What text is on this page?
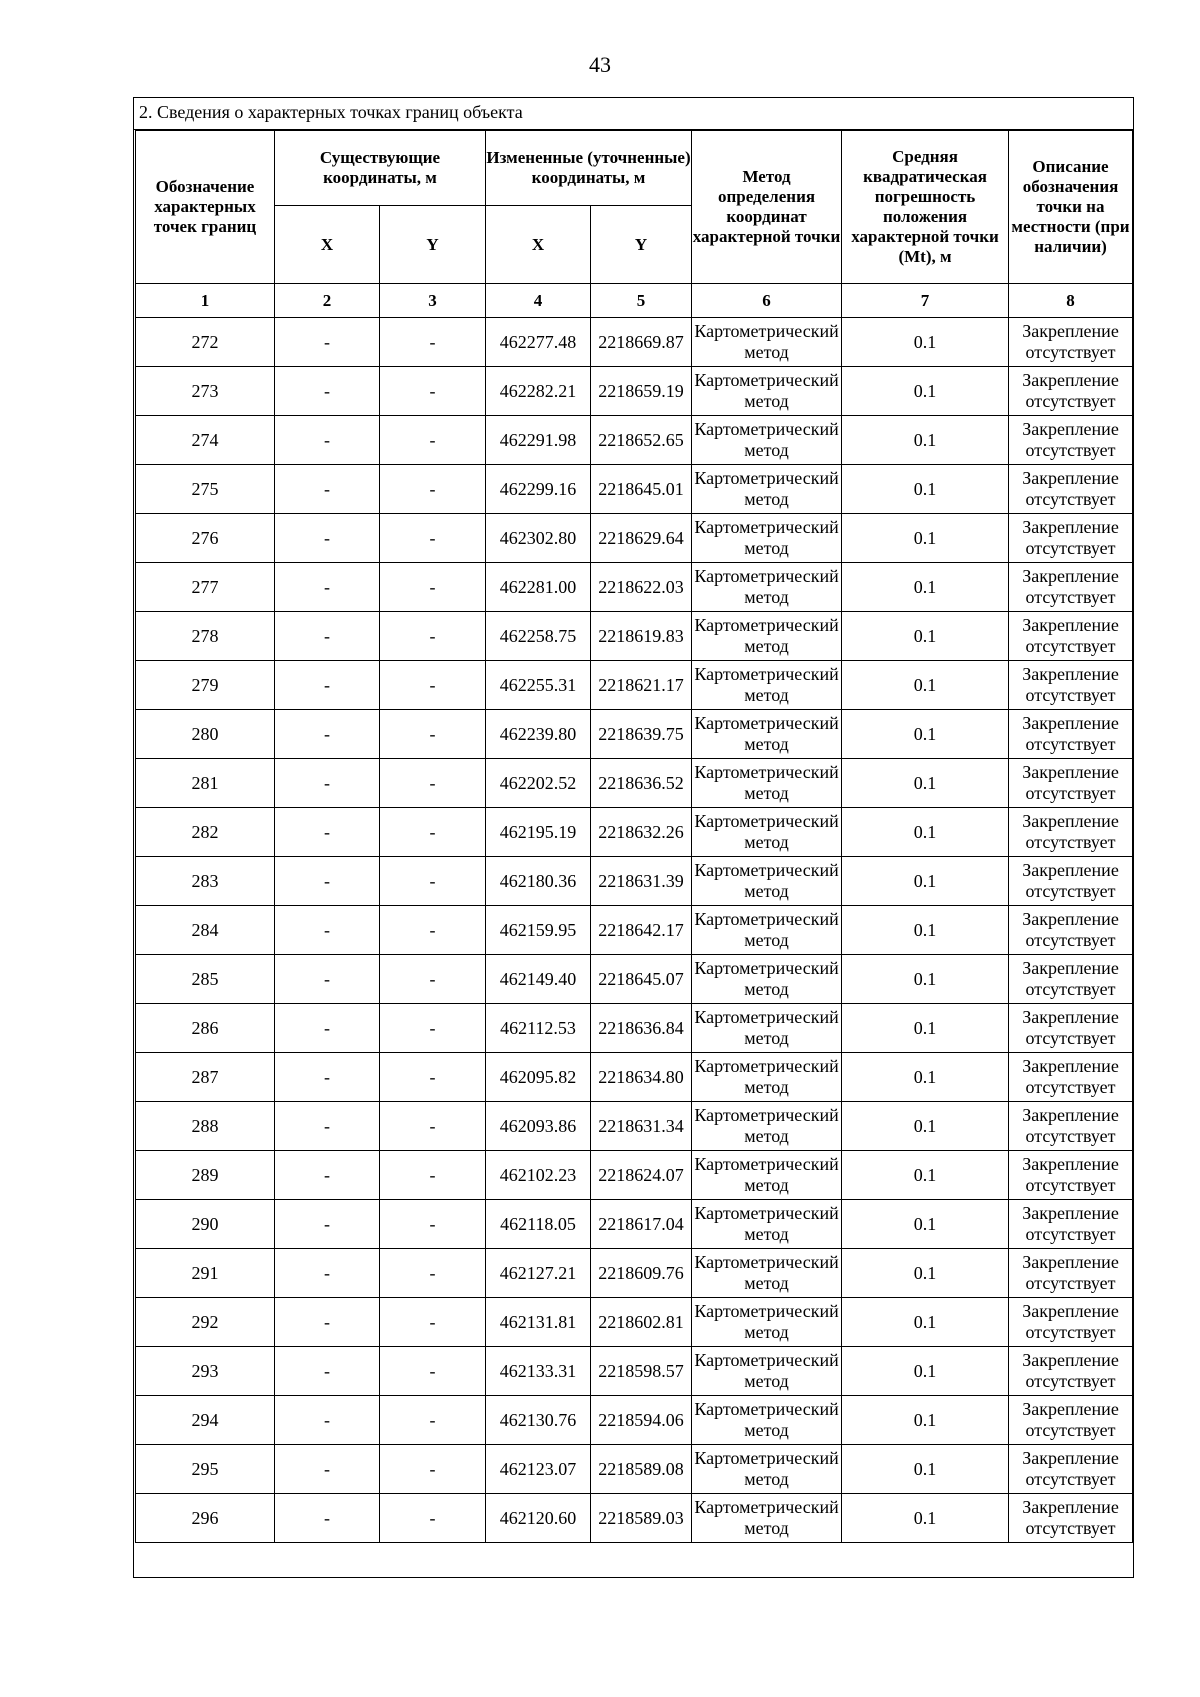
43
2. Сведения о характерных точках границ объекта
Обозначение характерных точек границ	Существующие координаты, м		Измененные (уточненные) координаты, м		Метод определения координат характерной точки	Средняя квадратическая погрешность положения характерной точки (Mt), м	Описание обозначения точки на местности (при наличии)
	X	Y	X	Y			
1	2	3	4	5	6	7	8
272	-	-	462277.48	2218669.87	Картометрический метод	0.1	Закрепление отсутствует
273	-	-	462282.21	2218659.19	Картометрический метод	0.1	Закрепление отсутствует
274	-	-	462291.98	2218652.65	Картометрический метод	0.1	Закрепление отсутствует
275	-	-	462299.16	2218645.01	Картометрический метод	0.1	Закрепление отсутствует
276	-	-	462302.80	2218629.64	Картометрический метод	0.1	Закрепление отсутствует
277	-	-	462281.00	2218622.03	Картометрический метод	0.1	Закрепление отсутствует
278	-	-	462258.75	2218619.83	Картометрический метод	0.1	Закрепление отсутствует
279	-	-	462255.31	2218621.17	Картометрический метод	0.1	Закрепление отсутствует
280	-	-	462239.80	2218639.75	Картометрический метод	0.1	Закрепление отсутствует
281	-	-	462202.52	2218636.52	Картометрический метод	0.1	Закрепление отсутствует
282	-	-	462195.19	2218632.26	Картометрический метод	0.1	Закрепление отсутствует
283	-	-	462180.36	2218631.39	Картометрический метод	0.1	Закрепление отсутствует
284	-	-	462159.95	2218642.17	Картометрический метод	0.1	Закрепление отсутствует
285	-	-	462149.40	2218645.07	Картометрический метод	0.1	Закрепление отсутствует
286	-	-	462112.53	2218636.84	Картометрический метод	0.1	Закрепление отсутствует
287	-	-	462095.82	2218634.80	Картометрический метод	0.1	Закрепление отсутствует
288	-	-	462093.86	2218631.34	Картометрический метод	0.1	Закрепление отсутствует
289	-	-	462102.23	2218624.07	Картометрический метод	0.1	Закрепление отсутствует
290	-	-	462118.05	2218617.04	Картометрический метод	0.1	Закрепление отсутствует
291	-	-	462127.21	2218609.76	Картометрический метод	0.1	Закрепление отсутствует
292	-	-	462131.81	2218602.81	Картометрический метод	0.1	Закрепление отсутствует
293	-	-	462133.31	2218598.57	Картометрический метод	0.1	Закрепление отсутствует
294	-	-	462130.76	2218594.06	Картометрический метод	0.1	Закрепление отсутствует
295	-	-	462123.07	2218589.08	Картометрический метод	0.1	Закрепление отсутствует
296	-	-	462120.60	2218589.03	Картометрический метод	0.1	Закрепление отсутствует
